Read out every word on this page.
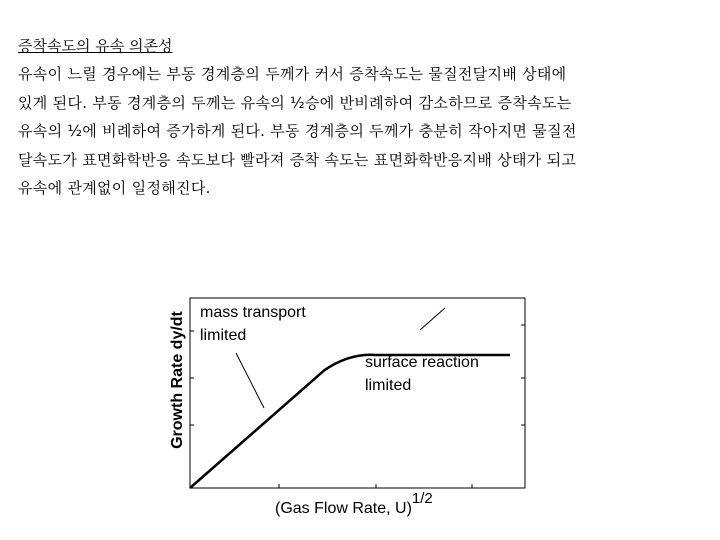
증착속도의 유속 의존성
유속이 느릴 경우에는 부동 경계층의 두께가 커서 증착속도는 물질전달지배 상태에
있게 된다. 부동 경계층의 두께는 유속의 ½승에 반비례하여 감소하므로 증착속도는
유속의 ½에 비례하여 증가하게 된다. 부동 경계층의 두께가 충분히 작아지면 물질전
달속도가 표면화학반응 속도보다 빨라져 증착 속도는 표면화학반응지배 상태가 되고
유속에 관계없이 일정해진다.
mass transport
limited
surface reaction
limited
Growth Rate dy/dt
(Gas Flow Rate, U)1/2
